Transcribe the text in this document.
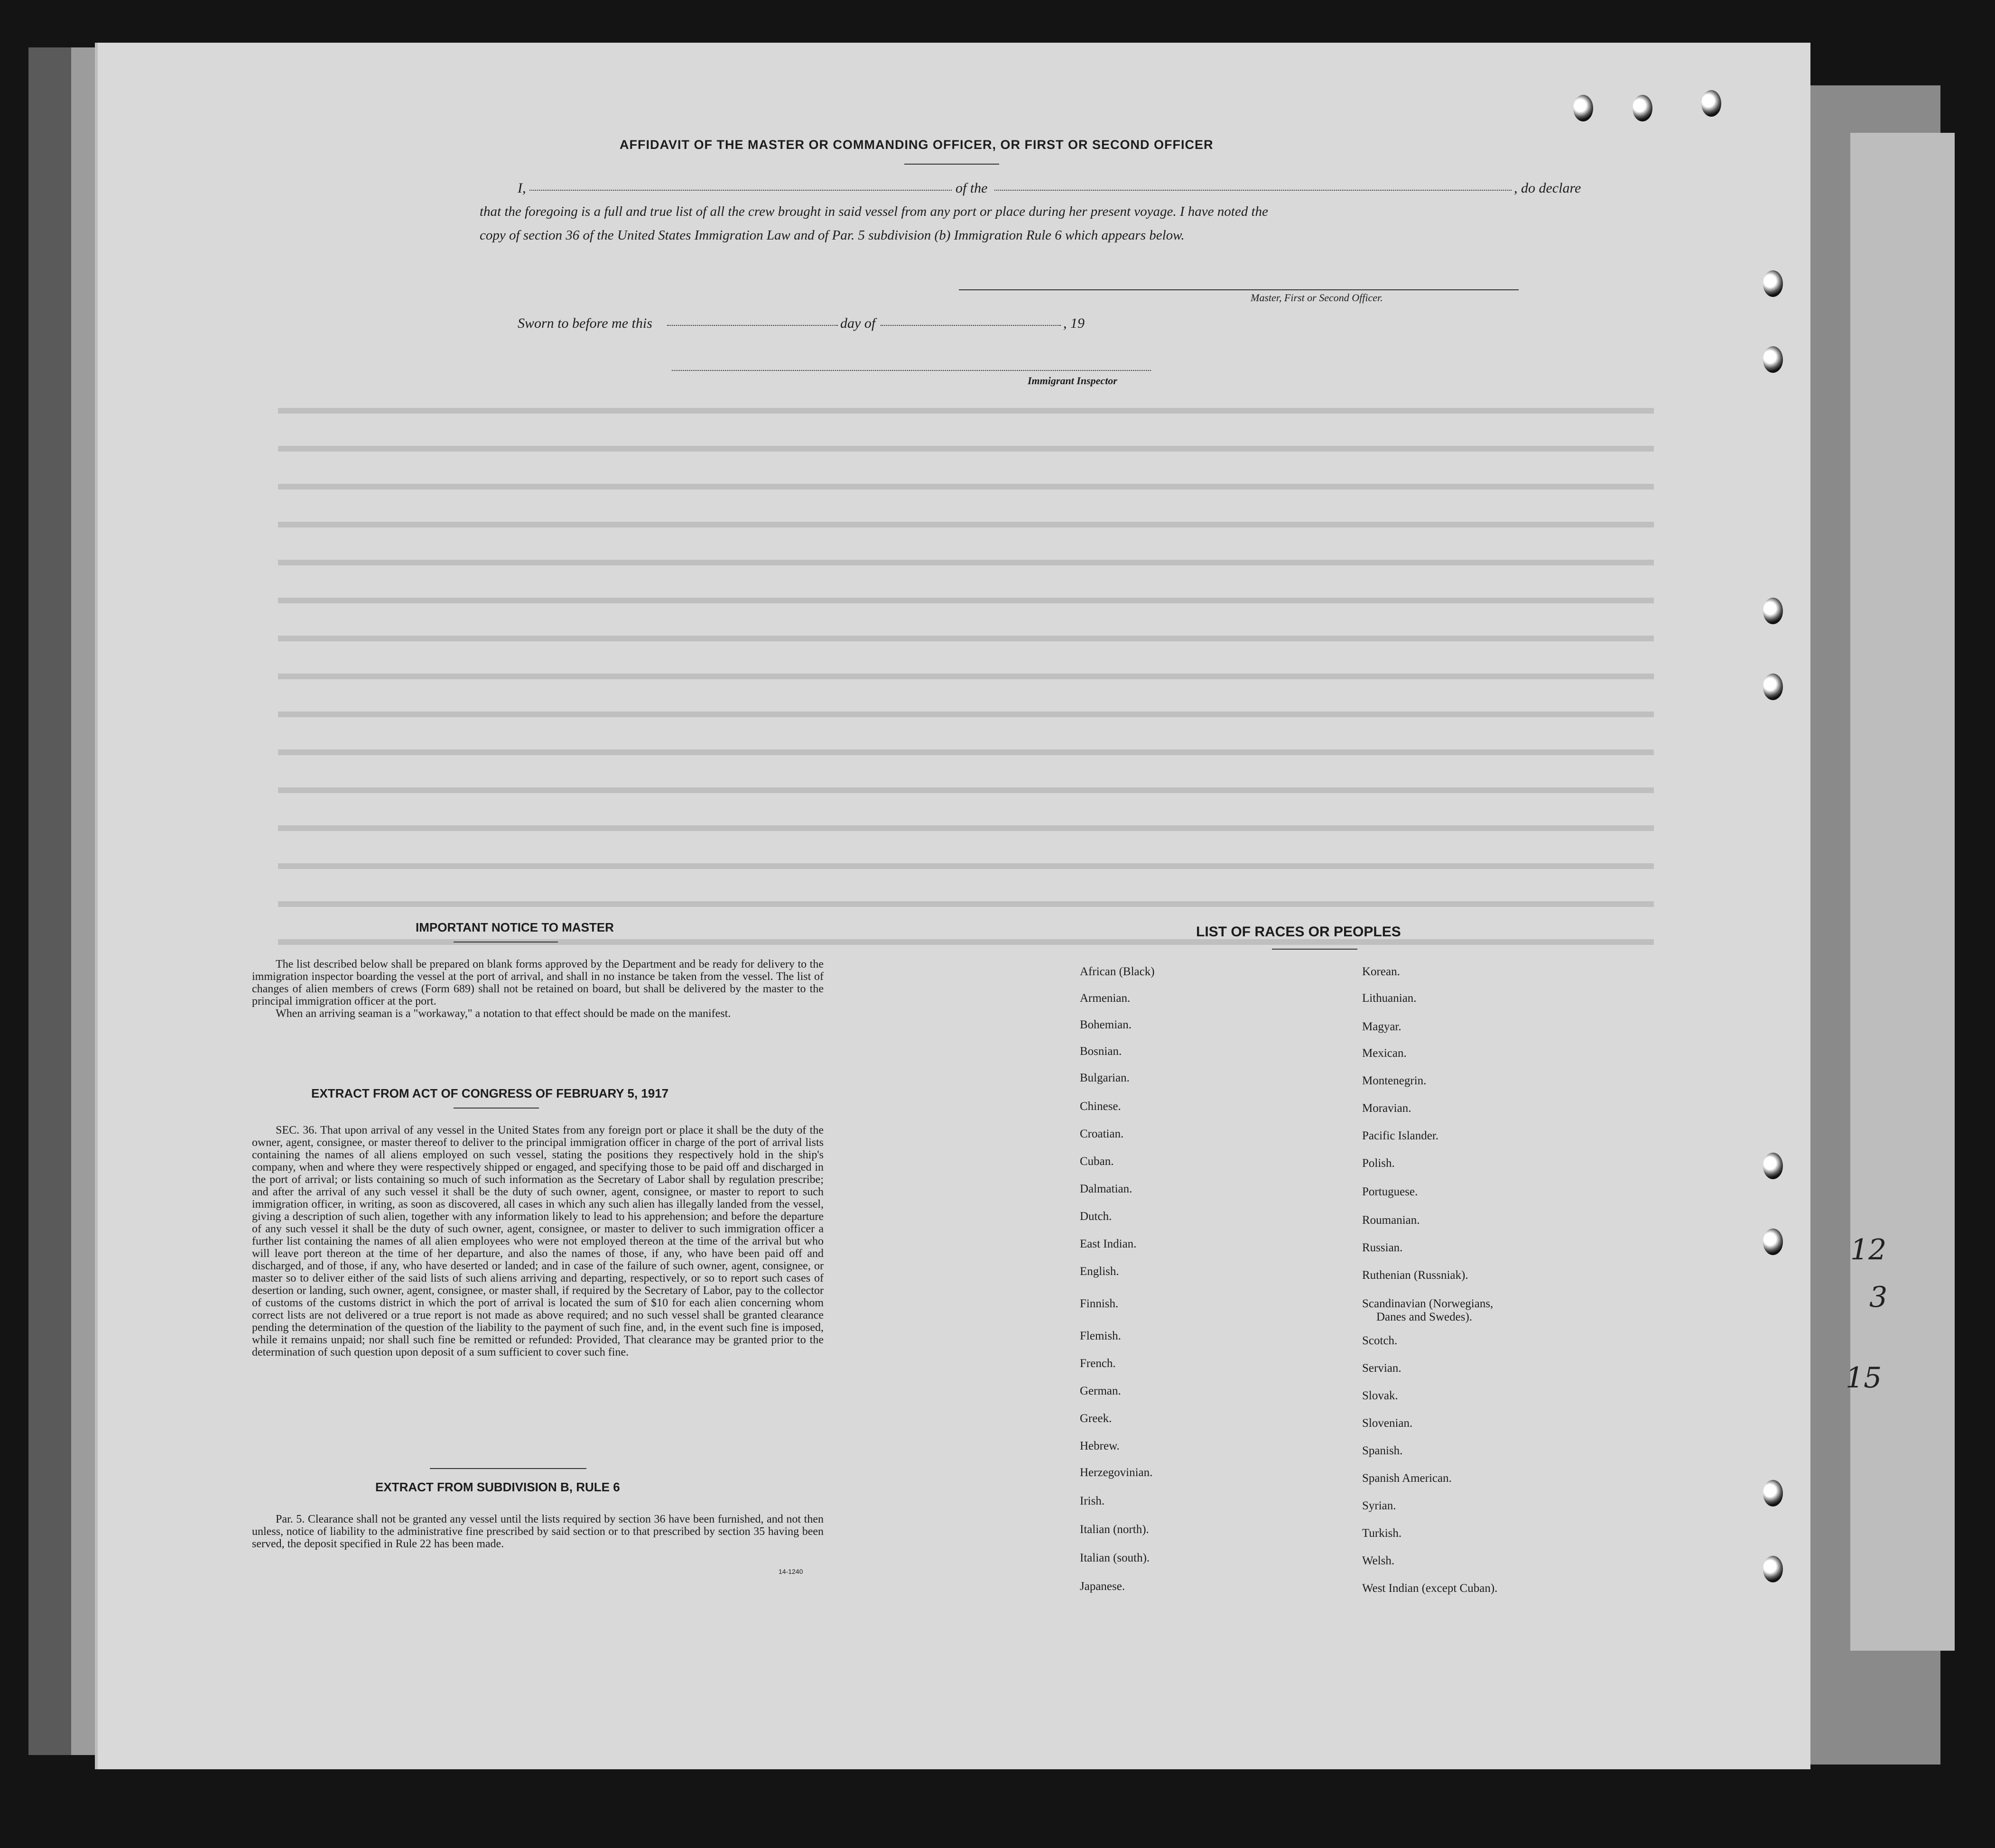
AFFIDAVIT OF THE MASTER OR COMMANDING OFFICER, OR FIRST OR SECOND OFFICER
I,	of the	, do declare
that the foregoing is a full and true list of all the crew brought in said vessel from any port or place during her present voyage. I have noted the
copy of section 36 of the United States Immigration Law and of Par. 5 subdivision (b) Immigration Rule 6 which appears below.
Master, First or Second Officer.
Sworn to before me this	day of	, 19
Immigrant Inspector
IMPORTANT NOTICE TO MASTER
The list described below shall be prepared on blank forms approved by the Department and be ready for delivery to the immigration inspector boarding the vessel at the port of arrival, and shall in no instance be taken from the vessel. The list of changes of alien members of crews (Form 689) shall not be retained on board, but shall be delivered by the master to the principal immigration officer at the port.
When an arriving seaman is a "workaway," a notation to that effect should be made on the manifest.
EXTRACT FROM ACT OF CONGRESS OF FEBRUARY 5, 1917
SEC. 36. That upon arrival of any vessel in the United States from any foreign port or place it shall be the duty of the owner, agent, consignee, or master thereof to deliver to the principal immigration officer in charge of the port of arrival lists containing the names of all aliens employed on such vessel, stating the positions they respectively hold in the ship's company, when and where they were respectively shipped or engaged, and specifying those to be paid off and discharged in the port of arrival; or lists containing so much of such information as the Secretary of Labor shall by regulation prescribe; and after the arrival of any such vessel it shall be the duty of such owner, agent, consignee, or master to report to such immigration officer, in writing, as soon as discovered, all cases in which any such alien has illegally landed from the vessel, giving a description of such alien, together with any information likely to lead to his apprehension; and before the departure of any such vessel it shall be the duty of such owner, agent, consignee, or master to deliver to such immigration officer a further list containing the names of all alien employees who were not employed thereon at the time of the arrival but who will leave port thereon at the time of her departure, and also the names of those, if any, who have been paid off and discharged, and of those, if any, who have deserted or landed; and in case of the failure of such owner, agent, consignee, or master so to deliver either of the said lists of such aliens arriving and departing, respectively, or so to report such cases of desertion or landing, such owner, agent, consignee, or master shall, if required by the Secretary of Labor, pay to the collector of customs of the customs district in which the port of arrival is located the sum of $10 for each alien concerning whom correct lists are not delivered or a true report is not made as above required; and no such vessel shall be granted clearance pending the determination of the question of the liability to the payment of such fine, and, in the event such fine is imposed, while it remains unpaid; nor shall such fine be remitted or refunded: Provided, That clearance may be granted prior to the determination of such question upon deposit of a sum sufficient to cover such fine.
EXTRACT FROM SUBDIVISION B, RULE 6
Par. 5. Clearance shall not be granted any vessel until the lists required by section 36 have been furnished, and not then unless, notice of liability to the administrative fine prescribed by said section or to that prescribed by section 35 having been served, the deposit specified in Rule 22 has been made.
14-1240
LIST OF RACES OR PEOPLES
African (Black)
Armenian.
Bohemian.
Bosnian.
Bulgarian.
Chinese.
Croatian.
Cuban.
Dalmatian.
Dutch.
East Indian.
English.
Finnish.
Flemish.
French.
German.
Greek.
Hebrew.
Herzegovinian.
Irish.
Italian (north).
Italian (south).
Japanese.
Korean.
Lithuanian.
Magyar.
Mexican.
Montenegrin.
Moravian.
Pacific Islander.
Polish.
Portuguese.
Roumanian.
Russian.
Ruthenian (Russniak).
Scandinavian (Norwegians,
Danes and Swedes).
Scotch.
Servian.
Slovak.
Slovenian.
Spanish.
Spanish American.
Syrian.
Turkish.
Welsh.
West Indian (except Cuban).
12
3
15
